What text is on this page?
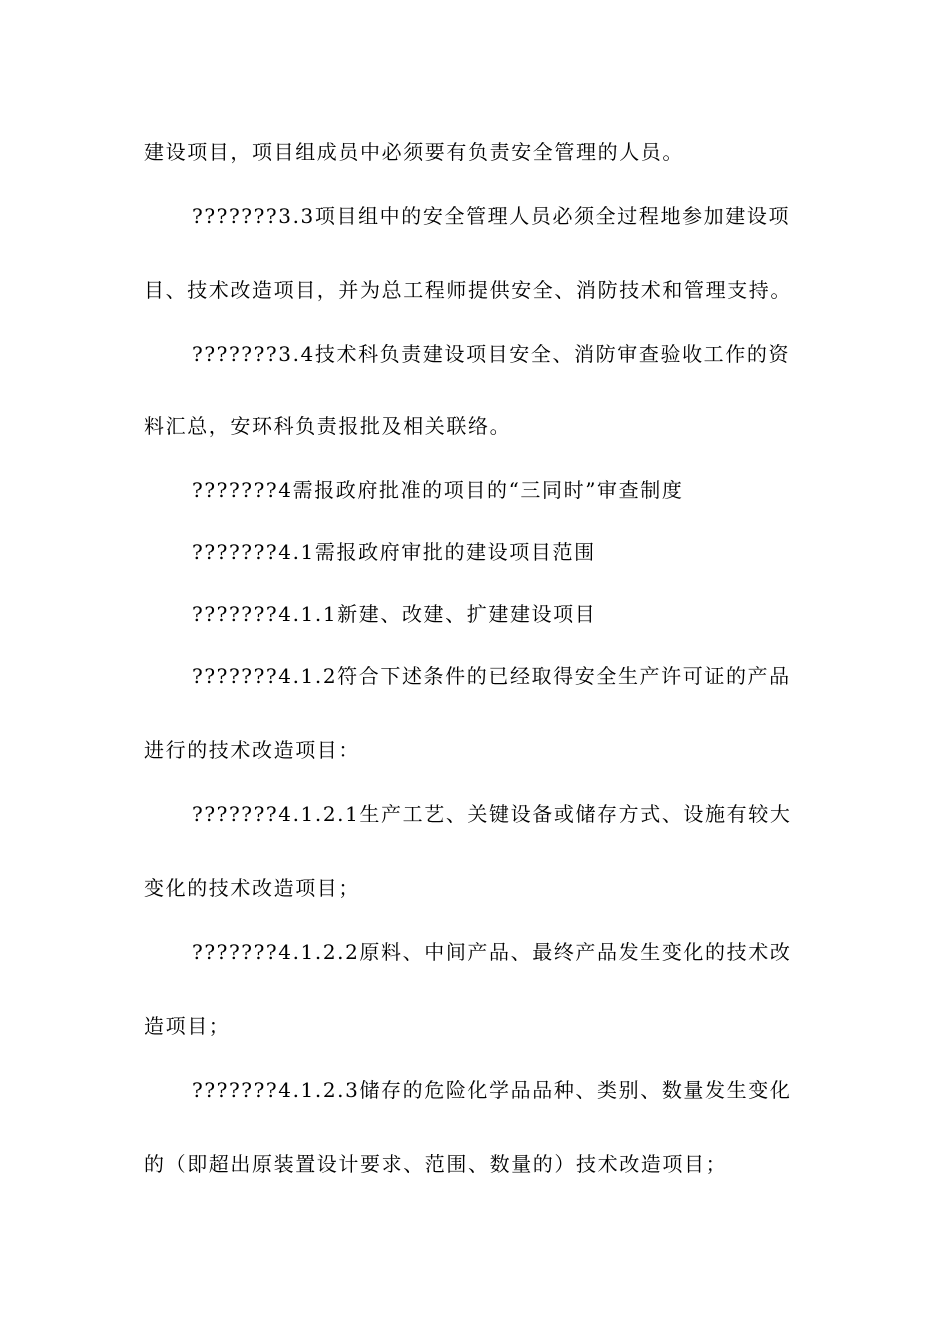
建设项目，项目组成员中必须要有负责安全管理的人员。
???????3.3项目组中的安全管理人员必须全过程地参加建设项
目、技术改造项目，并为总工程师提供安全、消防技术和管理支持。
???????3.4技术科负责建设项目安全、消防审查验收工作的资
料汇总，安环科负责报批及相关联络。
???????4需报政府批准的项目的“三同时”审查制度
???????4.1需报政府审批的建设项目范围
???????4.1.1新建、改建、扩建建设项目
???????4.1.2符合下述条件的已经取得安全生产许可证的产品
进行的技术改造项目：
???????4.1.2.1生产工艺、关键设备或储存方式、设施有较大
变化的技术改造项目；
???????4.1.2.2原料、中间产品、最终产品发生变化的技术改
造项目；
???????4.1.2.3储存的危险化学品品种、类别、数量发生变化
的（即超出原装置设计要求、范围、数量的）技术改造项目；
